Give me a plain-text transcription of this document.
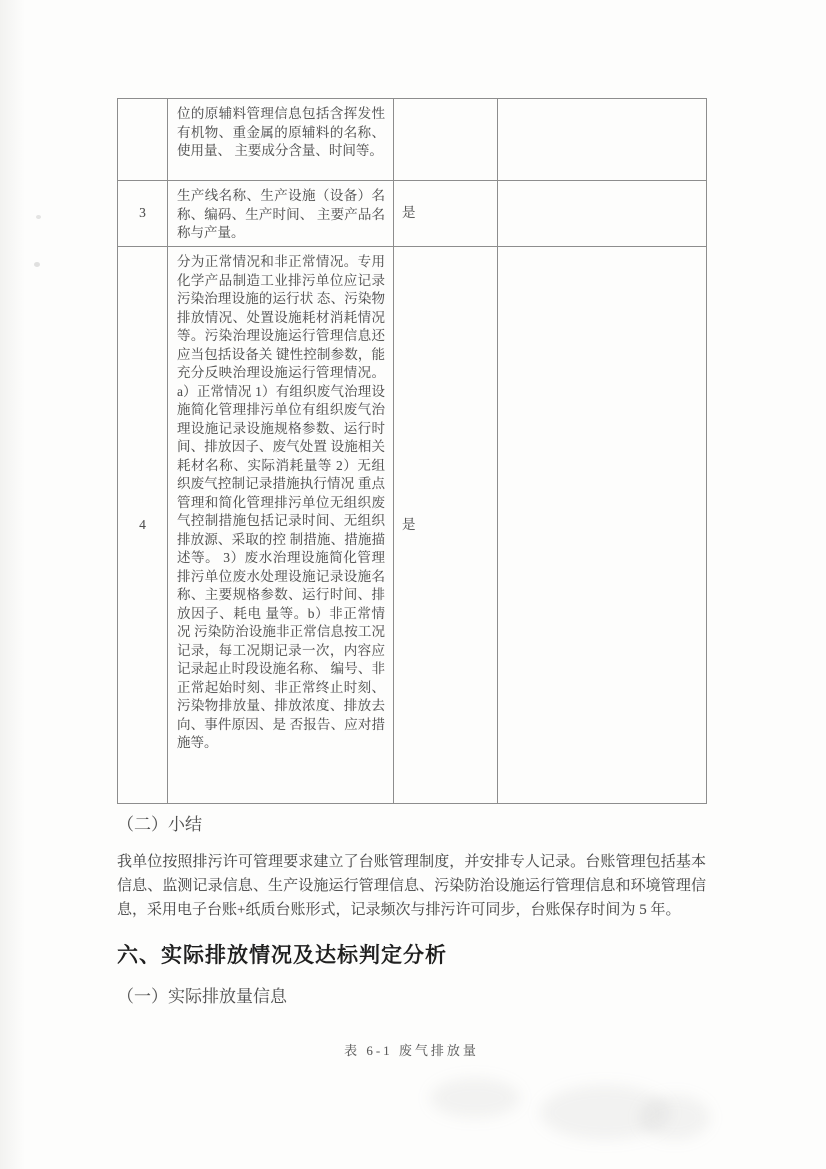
	位的原辅料管理信息包括含挥发性有机物、重金属的原辅料的名称、使用量、 主要成分含量、时间等。		
3	生产线名称、生产设施（设备）名称、编码、生产时间、 主要产品名称与产量。	是	
4	分为正常情况和非正常情况。专用化学产品制造工业排污单位应记录污染治理设施的运行状 态、污染物排放情况、处置设施耗材消耗情况等。污染治理设施运行管理信息还应当包括设备关 键性控制参数，能充分反映治理设施运行管理情况。 a）正常情况 1）有组织废气治理设施简化管理排污单位有组织废气治理设施记录设施规格参数、运行时间、排放因子、废气处置 设施相关耗材名称、实际消耗量等 2）无组织废气控制记录措施执行情况 重点管理和简化管理排污单位无组织废气控制措施包括记录时间、无组织排放源、采取的控 制措施、措施描述等。 3）废水治理设施简化管理排污单位废水处理设施记录设施名称、主要规格参数、运行时间、排放因子、耗电 量等。b）非正常情况 污染防治设施非正常信息按工况记录，每工况期记录一次，内容应记录起止时段设施名称、 编号、非正常起始时刻、非正常终止时刻、污染物排放量、排放浓度、排放去向、事件原因、是 否报告、应对措施等。	是	
（二）小结
我单位按照排污许可管理要求建立了台账管理制度，并安排专人记录。台账管理包括基本信息、监测记录信息、生产设施运行管理信息、污染防治设施运行管理信息和环境管理信息，采用电子台账+纸质台账形式，记录频次与排污许可同步，台账保存时间为 5 年。
六、实际排放情况及达标判定分析
（一）实际排放量信息
表 6-1 废气排放量
